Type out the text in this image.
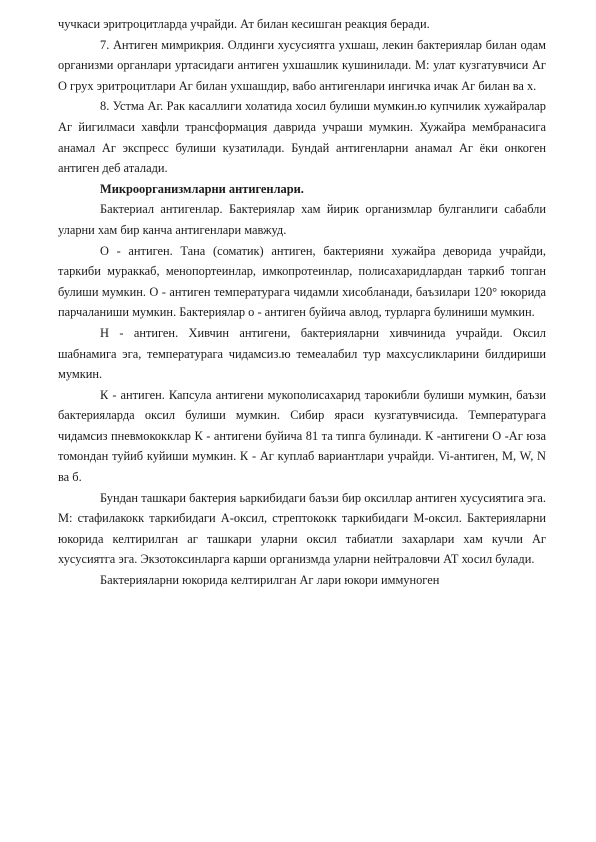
чучкаси эритроцитларда учрайди. Ат билан кесишган реакция беради.

7. Антиген мимрикрия. Олдинги хусусиятга ухшаш, лекин бактериялар билан одам организми органлари уртасидаги антиген ухшашлик кушинилади. М: улат кузгатувчиси Аг О грух эритроцитлари Аг билан ухшашдир, вабо антигенлари ингичка ичак Аг билан ва х.

8. Устма Аг. Рак касаллиги холатида хосил булиши мумкин.ю купчилик хужайралар Аг йигилмаси хавфли трансформация даврида учраши мумкин. Хужайра мембранасига анамал Аг экспресс булиши кузатилади. Бундай антигенларни анамал Аг ёки онкоген антиген деб аталади.

Микроорганизмларни антигенлари.

Бактериал антигенлар. Бактериялар хам йирик организмлар булганлиги сабабли уларни хам бир канча антигенлари мавжуд.

О - антиген. Тана (соматик) антиген, бактерияни хужайра деворида учрайди, таркиби мураккаб, менопортеинлар, имкопротеинлар, полисахаридлардан таркиб топган булиши мумкин. О - антиген температурага чидамли хисобланади, баъзилари 120° юкорида парчаланиши мумкин. Бактериялар о - антиген буйича авлод, турларга булиниши мумкин.

Н - антиген. Хивчин антигени, бактерияларни хивчинида учрайди. Оксил шабнамига эга, температурага чидамсиз.ю темеалабил тур махсусликларини билдириши мумкин.

К - антиген. Капсула антигени мукополисахарид тарокибли булиши мумкин, баъзи бактерияларда оксил булиши мумкин. Сибир яраси кузгатувчисида. Температурага чидамсиз пневмококклар К - антигени буйича 81 та типга булинади. К -антигени О -Аг юза томондан туйиб куйиши мумкин. К - Аг куплаб вариантлари учрайди. Vi-антиген, M, W, N ва б.

Бундан ташкари бактерия ьаркибидаги баъзи бир оксиллар антиген хусусиятига эга. М: стафилакокк таркибидаги А-оксил, стрептококк таркибидаги М-оксил. Бактерияларни юкорида келтирилган аг ташкари уларни оксил табиатли захарлари хам кучли Аг хусусиятга эга. Экзотоксинларга карши организмда уларни нейтраловчи АТ хосил булади.

Бактерияларни юкорида келтирилган Аг лари юкори иммуноген
